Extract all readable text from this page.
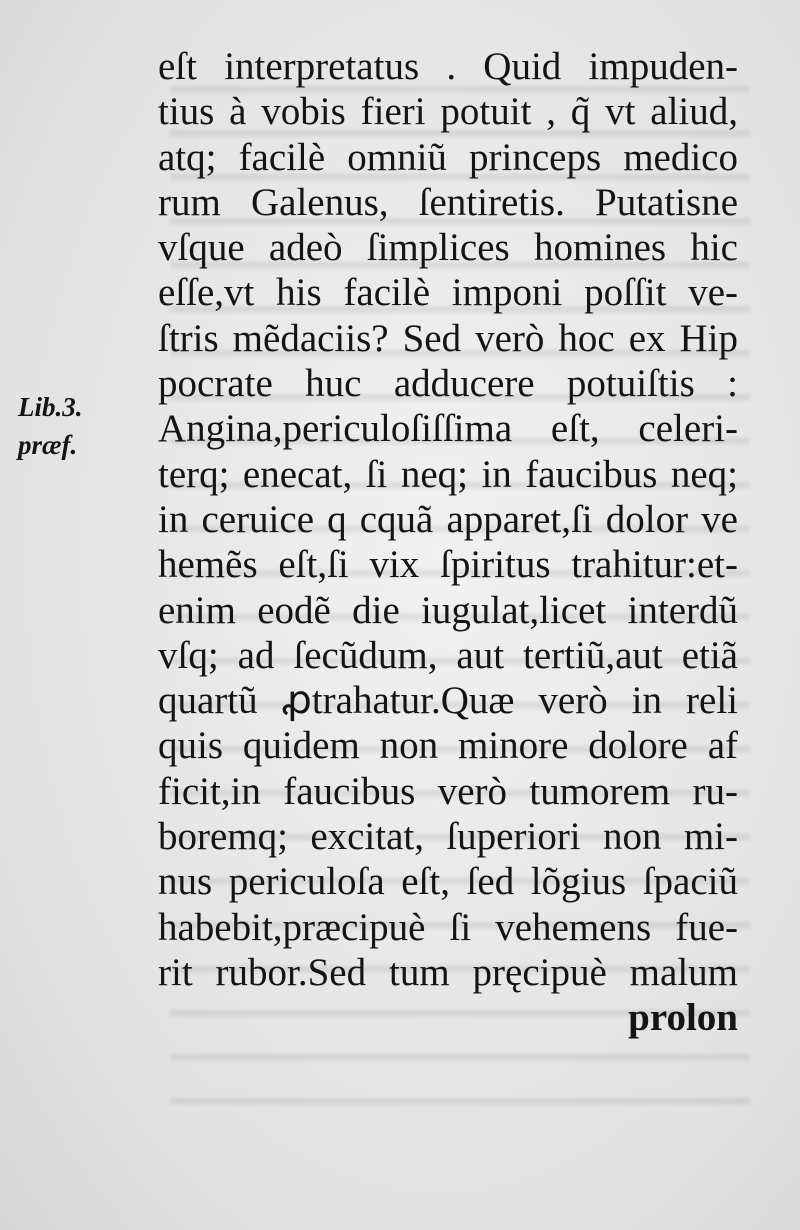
Lib.3.
præf.
eſt interpretatus . Quid impuden-
tius à vobis fieri potuit , q̃ vt aliud,
atq; facilè omniũ princeps medico
rum Galenus, ſentiretis. Putatisne
vſque adeò ſimplices homines hic
eſſe,vt his facilè imponi poſſit ve-
ſtris mẽdaciis? Sed verò hoc ex Hip
pocrate huc adducere potuiſtis :
Angina,periculoſiſſima eſt, celeri-
terq; enecat, ſi neq; in faucibus neq;
in ceruice q cquã apparet,ſi dolor ve
hemẽs eſt,ſi vix ſpiritus trahitur:et-
enim eodẽ die iugulat,licet interdũ
vſq; ad ſecũdum, aut tertiũ,aut etiã
quartũ ꝓtrahatur.Quæ verò in reli
quis quidem non minore dolore af
ficit,in faucibus verò tumorem ru-
boremq; excitat, ſuperiori non mi-
nus periculoſa eſt, ſed lõgius ſpaciũ
habebit,præcipuè ſi vehemens fue-
rit rubor.Sed tum pręcipuè malum
prolon
